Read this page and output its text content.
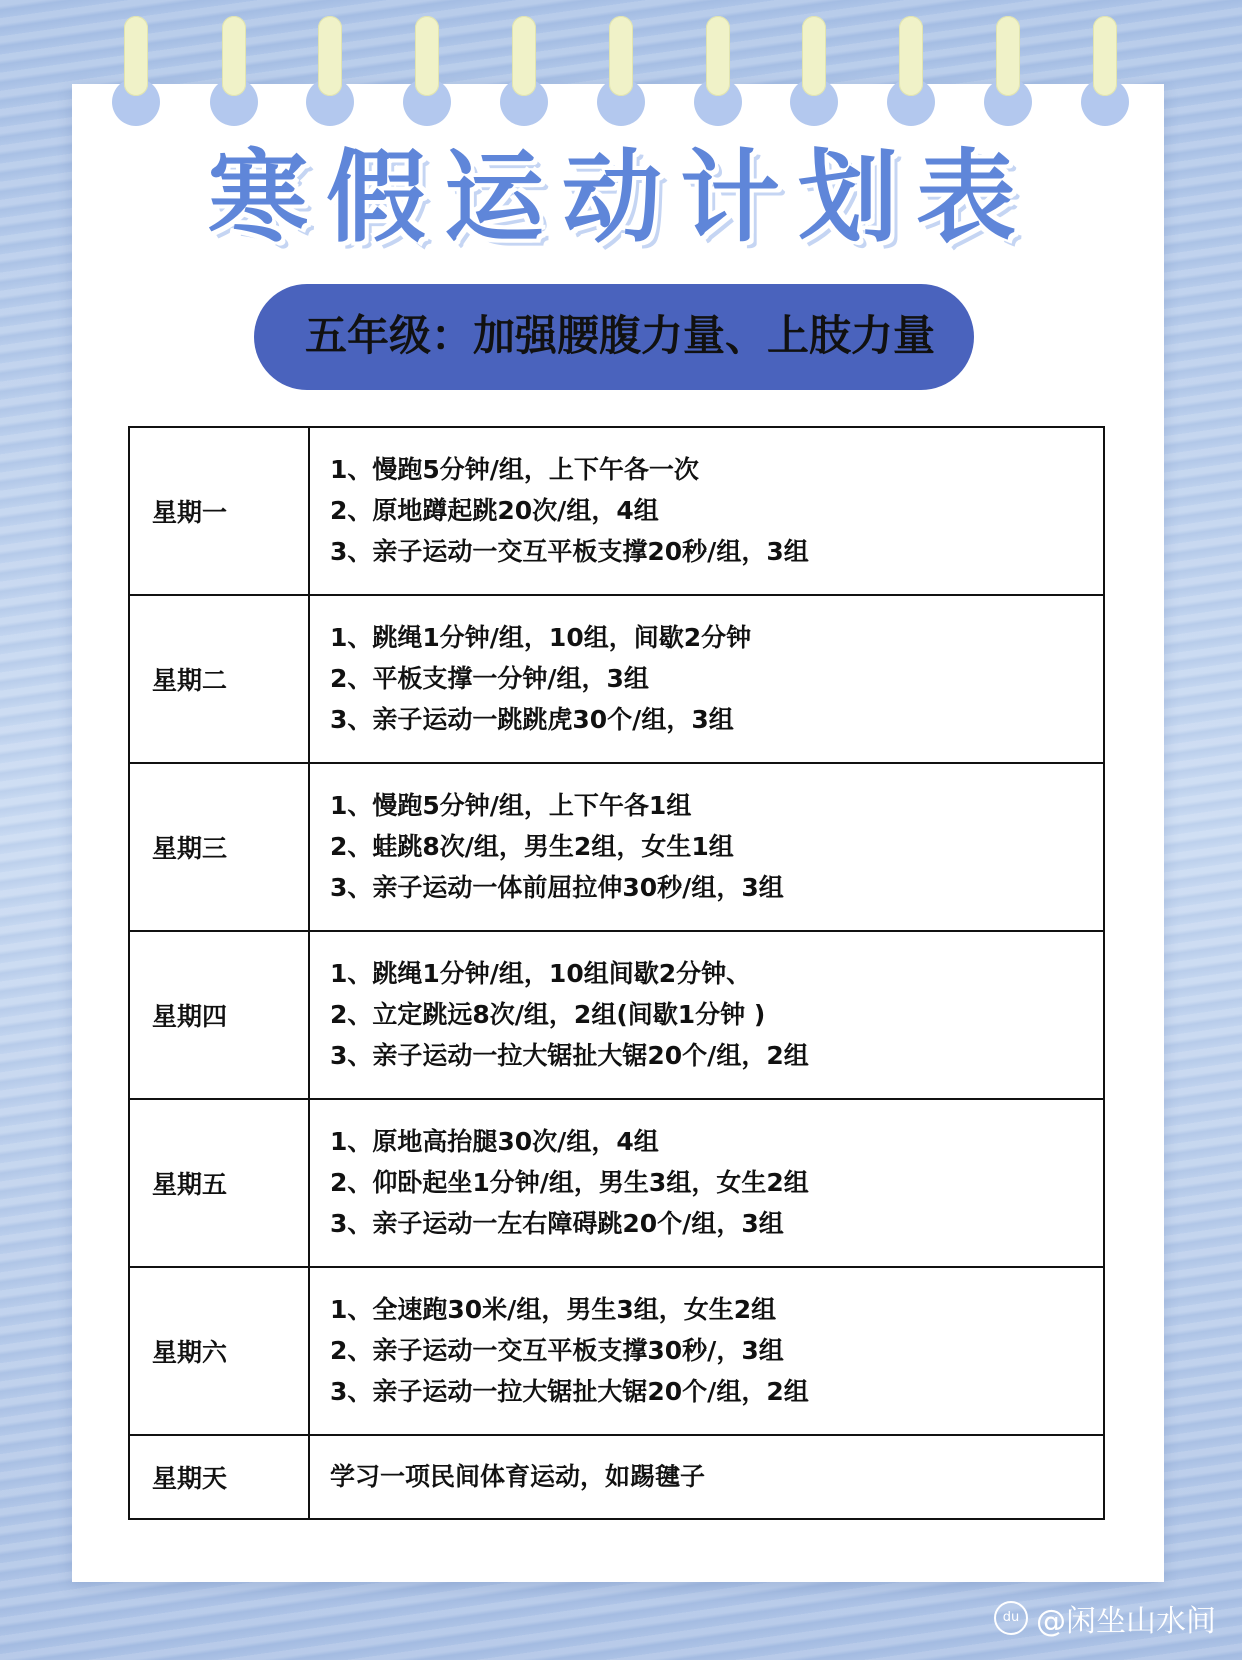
寒假运动计划表
五年级：加强腰腹力量、上肢力量
星期一	1、慢跑5分钟/组，上下午各一次
2、原地蹲起跳20次/组，4组
3、亲子运动一交互平板支撑20秒/组，3组

星期二	1、跳绳1分钟/组，10组，间歇2分钟
2、平板支撑一分钟/组，3组
3、亲子运动一跳跳虎30个/组，3组

星期三	1、慢跑5分钟/组，上下午各1组
2、蛙跳8次/组，男生2组，女生1组
3、亲子运动一体前屈拉伸30秒/组，3组

星期四	1、跳绳1分钟/组，10组间歇2分钟、
2、立定跳远8次/组，2组(间歇1分钟 )
3、亲子运动一拉大锯扯大锯20个/组，2组

星期五	1、原地高抬腿30次/组，4组
2、仰卧起坐1分钟/组，男生3组，女生2组
3、亲子运动一左右障碍跳20个/组，3组

星期六	1、全速跑30米/组，男生3组，女生2组
2、亲子运动一交互平板支撑30秒/，3组
3、亲子运动一拉大锯扯大锯20个/组，2组

星期天	学习一项民间体育运动，如踢毽子
du @闲坐山水间
